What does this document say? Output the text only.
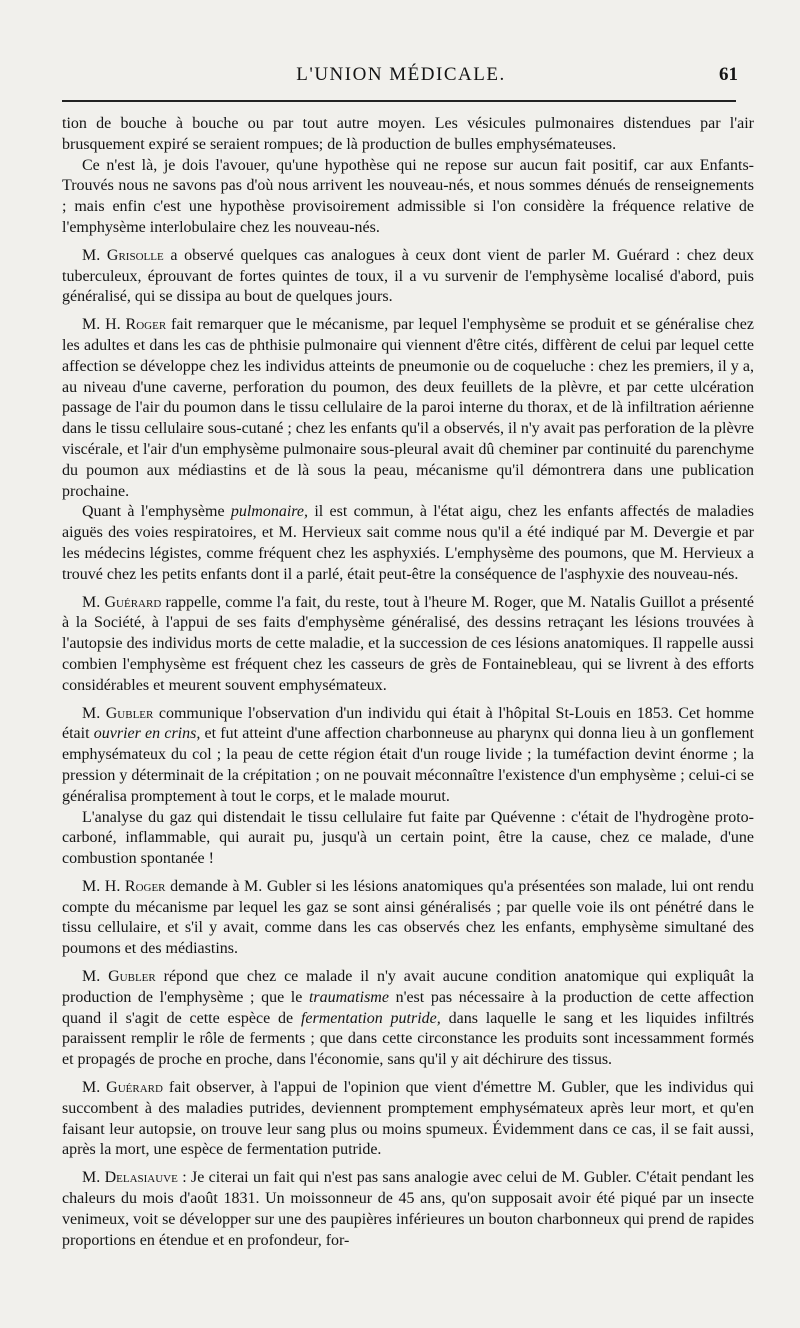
L'UNION MÉDICALE.	61

tion de bouche à bouche ou par tout autre moyen. Les vésicules pulmonaires distendues par l'air brusquement expiré se seraient rompues; de là production de bulles emphysémateuses.

Ce n'est là, je dois l'avouer, qu'une hypothèse qui ne repose sur aucun fait positif, car aux Enfants-Trouvés nous ne savons pas d'où nous arrivent les nouveau-nés, et nous sommes dénués de renseignements ; mais enfin c'est une hypothèse provisoirement admissible si l'on considère la fréquence relative de l'emphysème interlobulaire chez les nouveau-nés.

M. Grisolle a observé quelques cas analogues à ceux dont vient de parler M. Guérard : chez deux tuberculeux, éprouvant de fortes quintes de toux, il a vu survenir de l'emphysème localisé d'abord, puis généralisé, qui se dissipa au bout de quelques jours.

M. H. Roger fait remarquer que le mécanisme, par lequel l'emphysème se produit et se généralise chez les adultes et dans les cas de phthisie pulmonaire qui viennent d'être cités, diffèrent de celui par lequel cette affection se développe chez les individus atteints de pneumonie ou de coqueluche : chez les premiers, il y a, au niveau d'une caverne, perforation du poumon, des deux feuillets de la plèvre, et par cette ulcération passage de l'air du poumon dans le tissu cellulaire de la paroi interne du thorax, et de là infiltration aérienne dans le tissu cellulaire sous-cutané ; chez les enfants qu'il a observés, il n'y avait pas perforation de la plèvre viscérale, et l'air d'un emphysème pulmonaire sous-pleural avait dû cheminer par continuité du parenchyme du poumon aux médiastins et de là sous la peau, mécanisme qu'il démontrera dans une publication prochaine.

Quant à l'emphysème pulmonaire, il est commun, à l'état aigu, chez les enfants affectés de maladies aiguës des voies respiratoires, et M. Hervieux sait comme nous qu'il a été indiqué par M. Devergie et par les médecins légistes, comme fréquent chez les asphyxiés. L'emphysème des poumons, que M. Hervieux a trouvé chez les petits enfants dont il a parlé, était peut-être la conséquence de l'asphyxie des nouveau-nés.

M. Guérard rappelle, comme l'a fait, du reste, tout à l'heure M. Roger, que M. Natalis Guillot a présenté à la Société, à l'appui de ses faits d'emphysème généralisé, des dessins retraçant les lésions trouvées à l'autopsie des individus morts de cette maladie, et la succession de ces lésions anatomiques. Il rappelle aussi combien l'emphysème est fréquent chez les casseurs de grès de Fontainebleau, qui se livrent à des efforts considérables et meurent souvent emphysémateux.

M. Gubler communique l'observation d'un individu qui était à l'hôpital St-Louis en 1853. Cet homme était ouvrier en crins, et fut atteint d'une affection charbonneuse au pharynx qui donna lieu à un gonflement emphysémateux du col ; la peau de cette région était d'un rouge livide ; la tuméfaction devint énorme ; la pression y déterminait de la crépitation ; on ne pouvait méconnaître l'existence d'un emphysème ; celui-ci se généralisa promptement à tout le corps, et le malade mourut.

L'analyse du gaz qui distendait le tissu cellulaire fut faite par Quévenne : c'était de l'hydrogène proto-carboné, inflammable, qui aurait pu, jusqu'à un certain point, être la cause, chez ce malade, d'une combustion spontanée !

M. H. Roger demande à M. Gubler si les lésions anatomiques qu'a présentées son malade, lui ont rendu compte du mécanisme par lequel les gaz se sont ainsi généralisés ; par quelle voie ils ont pénétré dans le tissu cellulaire, et s'il y avait, comme dans les cas observés chez les enfants, emphysème simultané des poumons et des médiastins.

M. Gubler répond que chez ce malade il n'y avait aucune condition anatomique qui expliquât la production de l'emphysème ; que le traumatisme n'est pas nécessaire à la production de cette affection quand il s'agit de cette espèce de fermentation putride, dans laquelle le sang et les liquides infiltrés paraissent remplir le rôle de ferments ; que dans cette circonstance les produits sont incessamment formés et propagés de proche en proche, dans l'économie, sans qu'il y ait déchirure des tissus.

M. Guérard fait observer, à l'appui de l'opinion que vient d'émettre M. Gubler, que les individus qui succombent à des maladies putrides, deviennent promptement emphysémateux après leur mort, et qu'en faisant leur autopsie, on trouve leur sang plus ou moins spumeux. Évidemment dans ce cas, il se fait aussi, après la mort, une espèce de fermentation putride.

M. Delasiauve : Je citerai un fait qui n'est pas sans analogie avec celui de M. Gubler. C'était pendant les chaleurs du mois d'août 1831. Un moissonneur de 45 ans, qu'on supposait avoir été piqué par un insecte venimeux, voit se développer sur une des paupières inférieures un bouton charbonneux qui prend de rapides proportions en étendue et en profondeur, for-
